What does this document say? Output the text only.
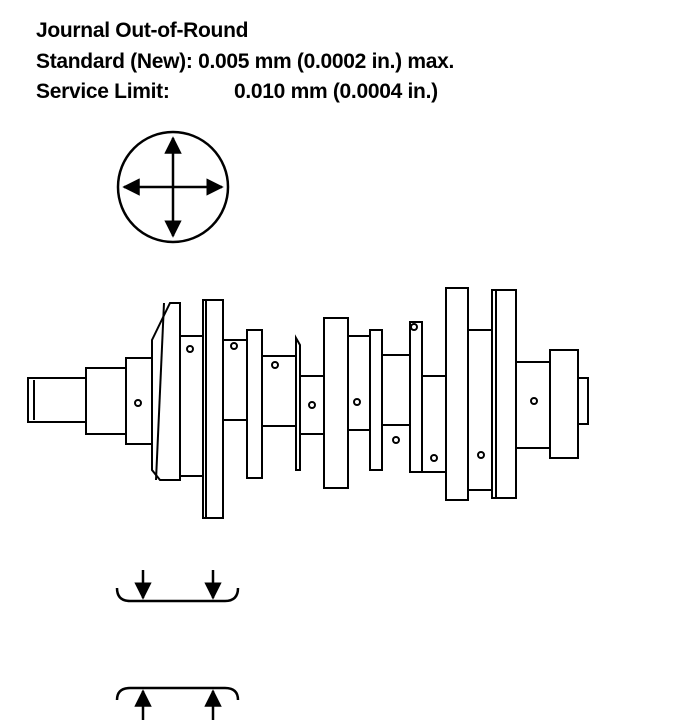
Journal Out-of-Round
Standard (New): 0.005 mm (0.0002 in.) max.
Service Limit:	0.010 mm (0.0004 in.)
